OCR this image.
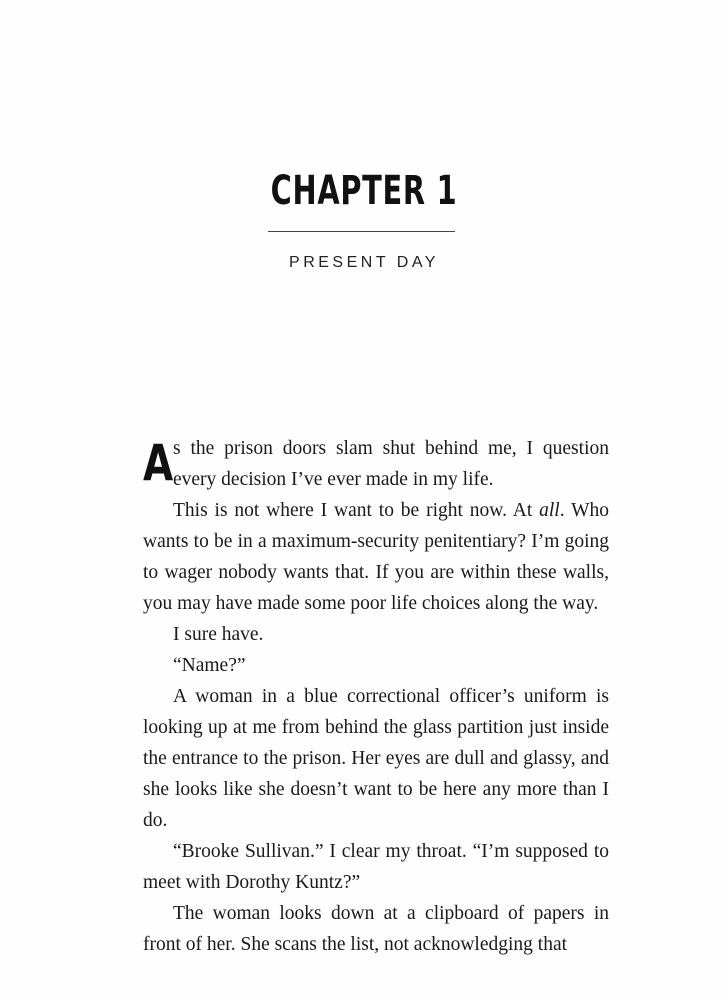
CHAPTER 1
PRESENT DAY

As the prison doors slam shut behind me, I question every decision I’ve ever made in my life.

This is not where I want to be right now. At all. Who wants to be in a maximum-security penitentiary? I’m going to wager nobody wants that. If you are within these walls, you may have made some poor life choices along the way.

I sure have.

“Name?”

A woman in a blue correctional officer’s uniform is looking up at me from behind the glass partition just inside the entrance to the prison. Her eyes are dull and glassy, and she looks like she doesn’t want to be here any more than I do.

“Brooke Sullivan.” I clear my throat. “I’m supposed to meet with Dorothy Kuntz?”

The woman looks down at a clipboard of papers in front of her. She scans the list, not acknowledging that
